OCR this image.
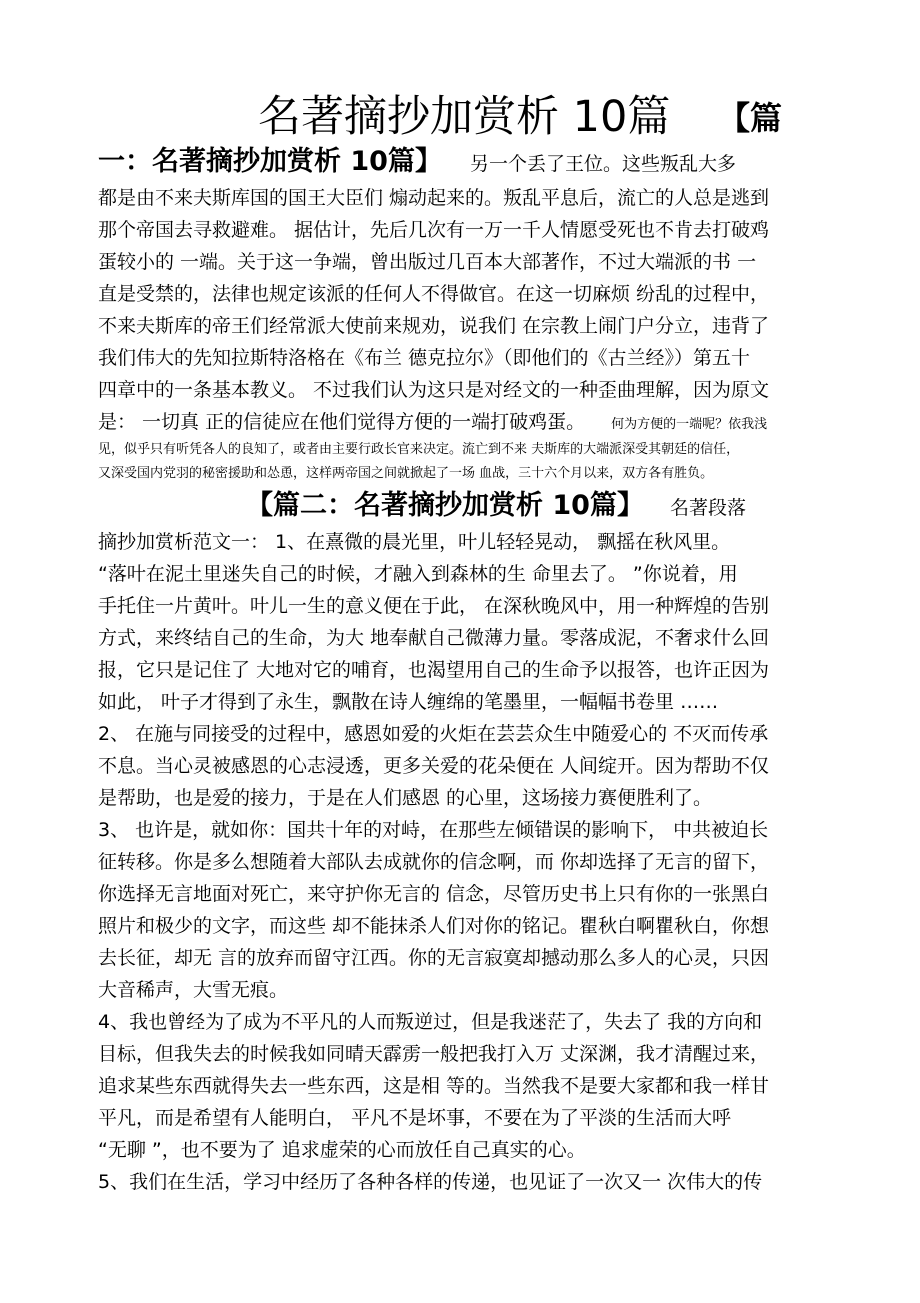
名著摘抄加赏析 10篇 【篇
一：名著摘抄加赏析 10篇】 另一个丢了王位。这些叛乱大多
都是由不来夫斯库国的国王大臣们 煽动起来的。叛乱平息后，流亡的人总是逃到
那个帝国去寻救避难。 据估计，先后几次有一万一千人情愿受死也不肯去打破鸡
蛋较小的 一端。关于这一争端，曾出版过几百本大部著作，不过大端派的书 一
直是受禁的，法律也规定该派的任何人不得做官。在这一切麻烦 纷乱的过程中，
不来夫斯库的帝王们经常派大使前来规劝，说我们 在宗教上闹门户分立，违背了
我们伟大的先知拉斯特洛格在《布兰 德克拉尔》（即他们的《古兰经》）第五十
四章中的一条基本教义。 不过我们认为这只是对经文的一种歪曲理解，因为原文
是： 一切真 正的信徒应在他们觉得方便的一端打破鸡蛋。 何为方便的一端呢？依我浅
见，似乎只有听凭各人的良知了，或者由主要行政长官来决定。流亡到不来 夫斯库的大端派深受其朝廷的信任，
又深受国内党羽的秘密援助和怂恿，这样两帝国之间就掀起了一场 血战，三十六个月以来，双方各有胜负。
【篇二：名著摘抄加赏析 10篇】 名著段落
摘抄加赏析范文一： 1、在熹微的晨光里，叶儿轻轻晃动， 飘摇在秋风里。
“落叶在泥土里迷失自己的时候，才融入到森林的生 命里去了。 ”你说着，用
手托住一片黄叶。叶儿一生的意义便在于此， 在深秋晚风中，用一种辉煌的告别
方式，来终结自己的生命，为大 地奉献自己微薄力量。零落成泥，不奢求什么回
报，它只是记住了 大地对它的哺育，也渴望用自己的生命予以报答，也许正因为
如此， 叶子才得到了永生，飘散在诗人缠绵的笔墨里，一幅幅书卷里 ……
2、 在施与同接受的过程中，感恩如爱的火炬在芸芸众生中随爱心的 不灭而传承
不息。当心灵被感恩的心志浸透，更多关爱的花朵便在 人间绽开。因为帮助不仅
是帮助，也是爱的接力，于是在人们感恩 的心里，这场接力赛便胜利了。
3、 也许是，就如你：国共十年的对峙，在那些左倾错误的影响下， 中共被迫长
征转移。你是多么想随着大部队去成就你的信念啊，而 你却选择了无言的留下，
你选择无言地面对死亡，来守护你无言的 信念，尽管历史书上只有你的一张黑白
照片和极少的文字，而这些 却不能抹杀人们对你的铭记。瞿秋白啊瞿秋白，你想
去长征，却无 言的放弃而留守江西。你的无言寂寞却撼动那么多人的心灵，只因
大音稀声，大雪无痕。
4、我也曾经为了成为不平凡的人而叛逆过，但是我迷茫了，失去了 我的方向和
目标，但我失去的时候我如同晴天霹雳一般把我打入万 丈深渊，我才清醒过来，
追求某些东西就得失去一些东西，这是相 等的。当然我不是要大家都和我一样甘
平凡，而是希望有人能明白， 平凡不是坏事，不要在为了平淡的生活而大呼
“无聊 ”，也不要为了 追求虚荣的心而放任自己真实的心。
5、我们在生活，学习中经历了各种各样的传递，也见证了一次又一 次伟大的传
